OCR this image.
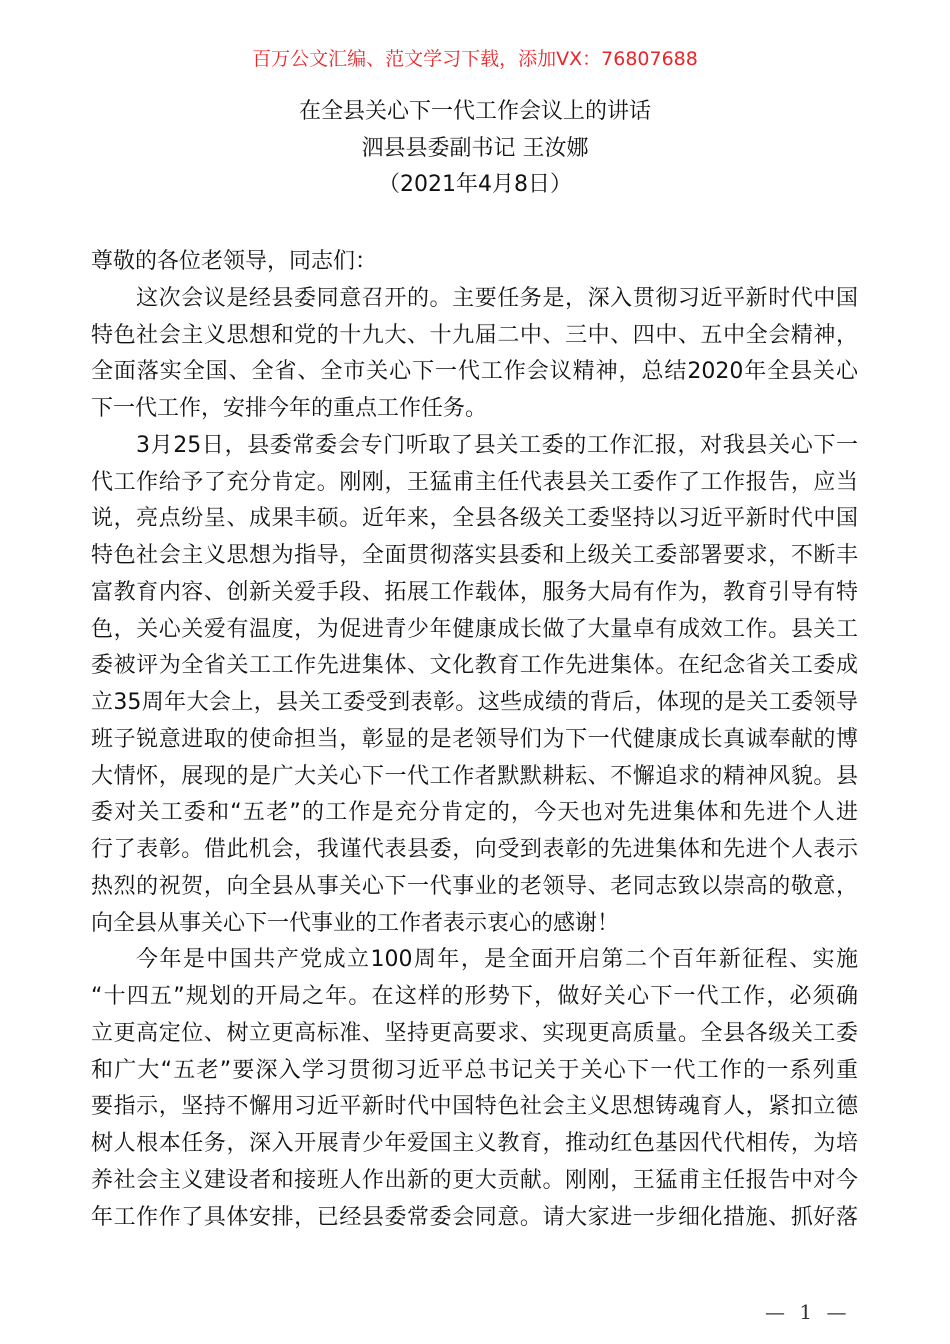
百万公文汇编、范文学习下载，添加VX：76807688
在全县关心下一代工作会议上的讲话
泗县县委副书记 王汝娜
（2021年4月8日）
尊敬的各位老领导，同志们：
这次会议是经县委同意召开的。主要任务是，深入贯彻习近平新时代中国
特色社会主义思想和党的十九大、十九届二中、三中、四中、五中全会精神，
全面落实全国、全省、全市关心下一代工作会议精神，总结2020年全县关心
下一代工作，安排今年的重点工作任务。
3月25日，县委常委会专门听取了县关工委的工作汇报，对我县关心下一
代工作给予了充分肯定。刚刚，王猛甫主任代表县关工委作了工作报告，应当
说，亮点纷呈、成果丰硕。近年来，全县各级关工委坚持以习近平新时代中国
特色社会主义思想为指导，全面贯彻落实县委和上级关工委部署要求，不断丰
富教育内容、创新关爱手段、拓展工作载体，服务大局有作为，教育引导有特
色，关心关爱有温度，为促进青少年健康成长做了大量卓有成效工作。县关工
委被评为全省关工工作先进集体、文化教育工作先进集体。在纪念省关工委成
立35周年大会上，县关工委受到表彰。这些成绩的背后，体现的是关工委领导
班子锐意进取的使命担当，彰显的是老领导们为下一代健康成长真诚奉献的博
大情怀，展现的是广大关心下一代工作者默默耕耘、不懈追求的精神风貌。县
委对关工委和“五老”的工作是充分肯定的，今天也对先进集体和先进个人进
行了表彰。借此机会，我谨代表县委，向受到表彰的先进集体和先进个人表示
热烈的祝贺，向全县从事关心下一代事业的老领导、老同志致以崇高的敬意，
向全县从事关心下一代事业的工作者表示衷心的感谢！
今年是中国共产党成立100周年，是全面开启第二个百年新征程、实施
“十四五”规划的开局之年。在这样的形势下，做好关心下一代工作，必须确
立更高定位、树立更高标准、坚持更高要求、实现更高质量。全县各级关工委
和广大“五老”要深入学习贯彻习近平总书记关于关心下一代工作的一系列重
要指示，坚持不懈用习近平新时代中国特色社会主义思想铸魂育人，紧扣立德
树人根本任务，深入开展青少年爱国主义教育，推动红色基因代代相传，为培
养社会主义建设者和接班人作出新的更大贡献。刚刚，王猛甫主任报告中对今
年工作作了具体安排，已经县委常委会同意。请大家进一步细化措施、抓好落
— 1 —
